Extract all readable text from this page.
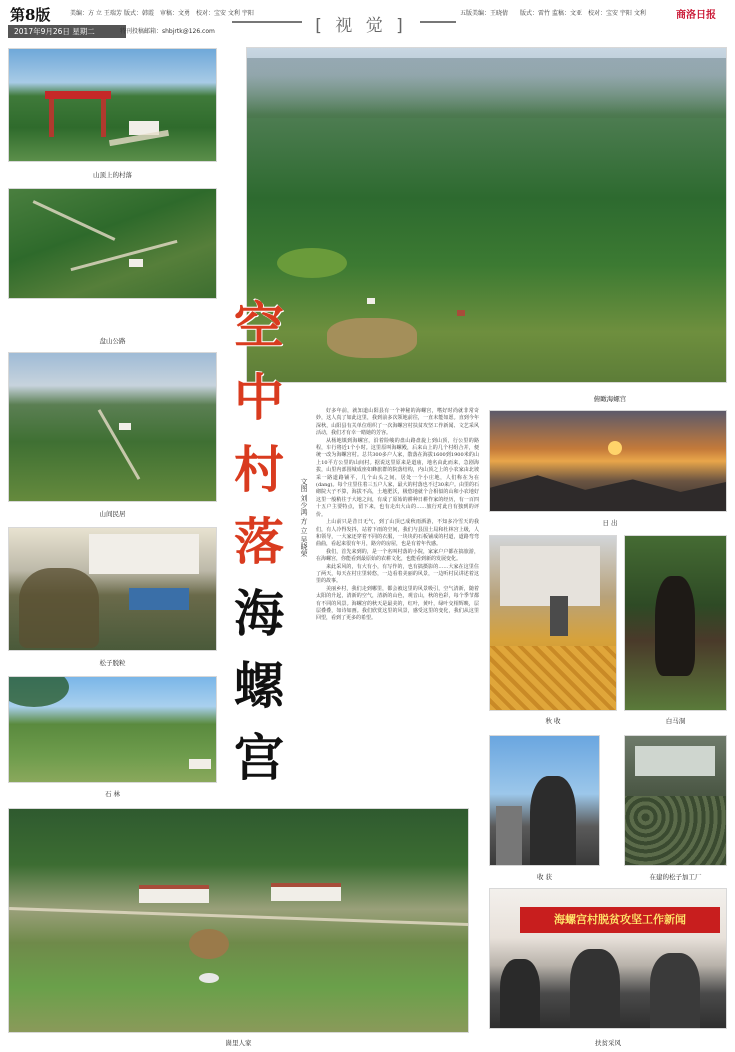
第8版
2017年9月26日 星期二
美编：方 立 王瑞芳 版式：韩霞 审稿：文勇 校对：宝安 文利 宇阳
特刊投稿邮箱：shbjrtk@126.com	[ 视 觉 ]
五版美编：王晓倩 版式：雷竹 监稿：文亚 校对：宝安 宇阳 文利	商洛日报
山顶上的村落
盘山公路
山间民居
松子脱粒
石 林
崮里人家
俯瞰海螺宫
空
中
村
落
海
螺
宫
文图 刘少鸿 方 立 吴晓荣

好多年前，就知道山阳县有一个神秘的海螺宫，嗜好时尚就非常奇妙，这人真了如此这里，我到前多次领地前往，一直未能如愿。直到今年深秋，山阳县有关单位组织了一次海螺宫村扶贫攻坚工作新闻、文艺采风活动，我们才有幸一睹她的芳容。

从杨地镇到海螺宫，沿着险峻的盘山路盘旋上到山顶，行公里的路程，车行将近1个小时。这里原叫海螺殿，后来山上的几个村组合并，便统一改为海螺宫村。总共300多户人家，散落在海拔1600到1900米的山上10平方公里的山间村。据说这里原来是道庙，地名由此而来，急剧海拔，山里内部围城成座如蜂旅群的院落结构，内山顶之上的小农家由北坡采一路道路铺平，几个山头之间，居处一个小庄地，人们称在为在(dang)。每个庄里住着三五户人家，最大的村落也不过30来户。由里的石砌院大子不算，海拔不高，土地肥沃，极悠地就个合相似的山和小农地好这里一般稍往于大地之间，有成了原始的耕种日耕作家的经历，有一百四十五户主要特点，留下来，也有走出大山的……旅行对此自有独到的评价。

上山前只是昔日无气，到了山顶已成秋雨洒游，不知多冷雪天的我们，有人冷得发抖，站着下雨的空间，我们与县国土局和杜林宫上级，人和领导，一大家还穿着不同的衣服，一块块的石板铺成的村道，道路弯弯曲曲，看起来很有年月，路旁的房屋，也是有着年代感。

我们，首先来到的，是一个名叫村落的小院，家家户户都在搞旅游，在海螺宫，你能看到最原始的农耕文化，也能看到新的发展变化。

来此采风的，有大有小，有写作的，也有搞摄影的……大家在这里住了两天，每天在村庄里转悠，一边看着美丽的风景，一边听村民讲述着这里的故事。

美丽乡村，我们走到哪里，都会被这里的风景吸引，空气清新，随着太阳的升起，清新的空气，清新的山色，观音山，秋的色彩，每个季节都有不同的风景。海螺宫的秋天是最美的，红叶，黄叶，绿叶交相辉映，层层叠叠，如诗如画。我们欣赏这里的风景，感受这里的变化，我们从这里回望，看到了更多的希望。

日 出
秋 收	白马洞
收 获	在建的松子加工厂
海螺宫村脱贫攻坚工作新闻
扶贫采风
